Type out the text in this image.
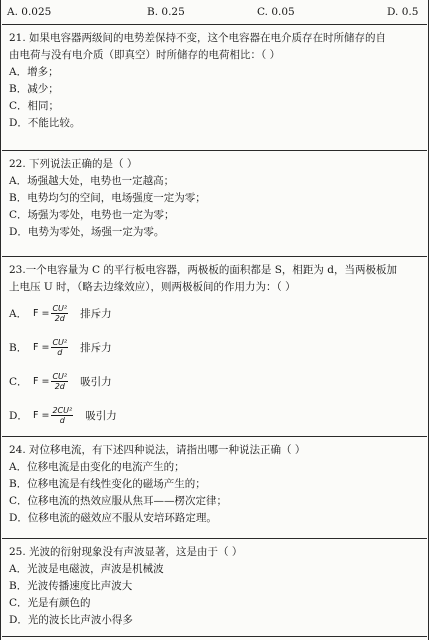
A. 0.025	B. 0.25	C. 0.05	D. 0.5
21. 如果电容器两级间的电势差保持不变，这个电容器在电介质存在时所储存的自
由电荷与没有电介质（即真空）时所储存的电荷相比：（ ）
A．增多；
B．减少；
C．相同；
D．不能比较。
22. 下列说法正确的是（ ）
A．场强越大处，电势也一定越高；
B．电势均匀的空间，电场强度一定为零；
C．场强为零处，电势也一定为零；
D．电势为零处，场强一定为零。
23.一个电容量为 C 的平行板电容器，两极板的面积都是 S，相距为 d，当两极板加
上电压 U 时，（略去边缘效应），则两极板间的作用力为：（ ）
A． $F = \frac{\text{CU²}}{2d}$ 排斥力
B． $F = \frac{\text{CU²}}{d}$ 排斥力
C． $F = \frac{\text{CU²}}{2d}$ 吸引力
D． $F = \frac{\text{2CU²}}{d}$ 吸引力
24. 对位移电流，有下述四种说法，请指出哪一种说法正确（ ）
A．位移电流是由变化的电流产生的；
B．位移电流是有线性变化的磁场产生的；
C．位移电流的热效应服从焦耳——楞次定律；
D．位移电流的磁效应不服从安培环路定理。
25. 光波的衍射现象没有声波显著，这是由于（ ）
A．光波是电磁波，声波是机械波
B．光波传播速度比声波大
C．光是有颜色的
D．光的波长比声波小得多
